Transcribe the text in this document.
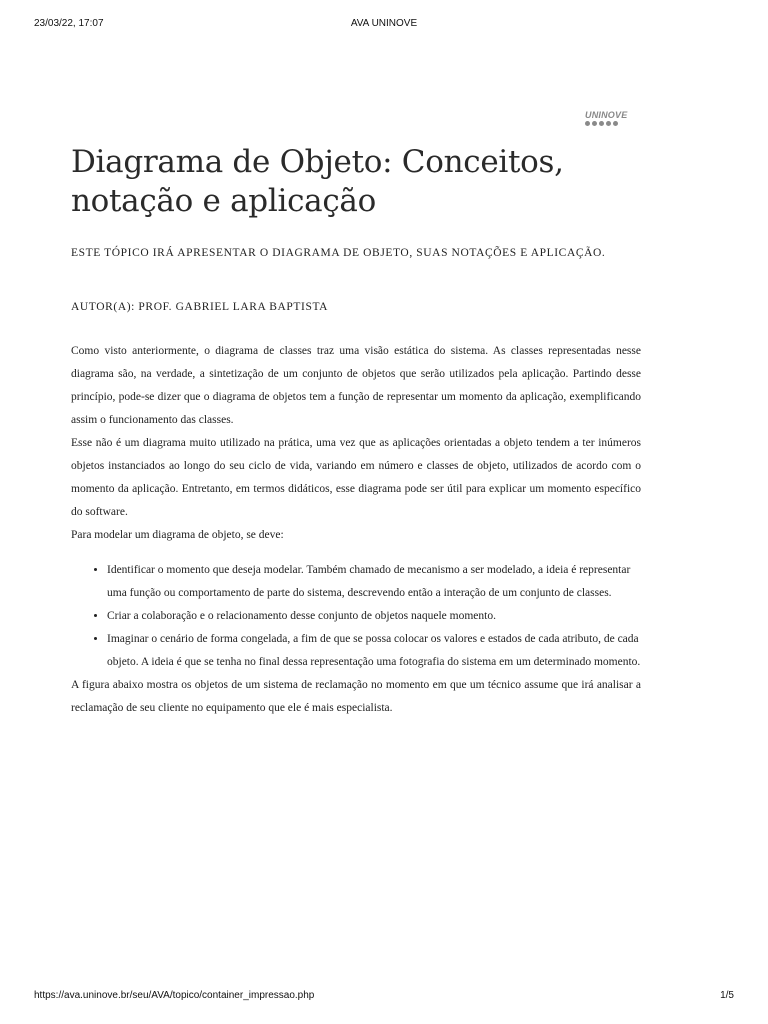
23/03/22, 17:07	AVA UNINOVE
UNINOVE
Diagrama de Objeto: Conceitos,
notação e aplicação
ESTE TÓPICO IRÁ APRESENTAR O DIAGRAMA DE OBJETO, SUAS NOTAÇÕES E APLICAÇÃO.
AUTOR(A): PROF. GABRIEL LARA BAPTISTA

Como visto anteriormente, o diagrama de classes traz uma visão estática do sistema. As classes representadas nesse diagrama são, na verdade, a sintetização de um conjunto de objetos que serão utilizados pela aplicação. Partindo desse princípio, pode-se dizer que o diagrama de objetos tem a função de representar um momento da aplicação, exemplificando assim o funcionamento das classes.

Esse não é um diagrama muito utilizado na prática, uma vez que as aplicações orientadas a objeto tendem a ter inúmeros objetos instanciados ao longo do seu ciclo de vida, variando em número e classes de objeto, utilizados de acordo com o momento da aplicação. Entretanto, em termos didáticos, esse diagrama pode ser útil para explicar um momento específico do software.

Para modelar um diagrama de objeto, se deve:

• Identificar o momento que deseja modelar. Também chamado de mecanismo a ser modelado, a ideia é representar uma função ou comportamento de parte do sistema, descrevendo então a interação de um conjunto de classes.
• Criar a colaboração e o relacionamento desse conjunto de objetos naquele momento.
• Imaginar o cenário de forma congelada, a fim de que se possa colocar os valores e estados de cada atributo, de cada objeto. A ideia é que se tenha no final dessa representação uma fotografia do sistema em um determinado momento.

A figura abaixo mostra os objetos de um sistema de reclamação no momento em que um técnico assume que irá analisar a reclamação de seu cliente no equipamento que ele é mais especialista.

https://ava.uninove.br/seu/AVA/topico/container_impressao.php	1/5
